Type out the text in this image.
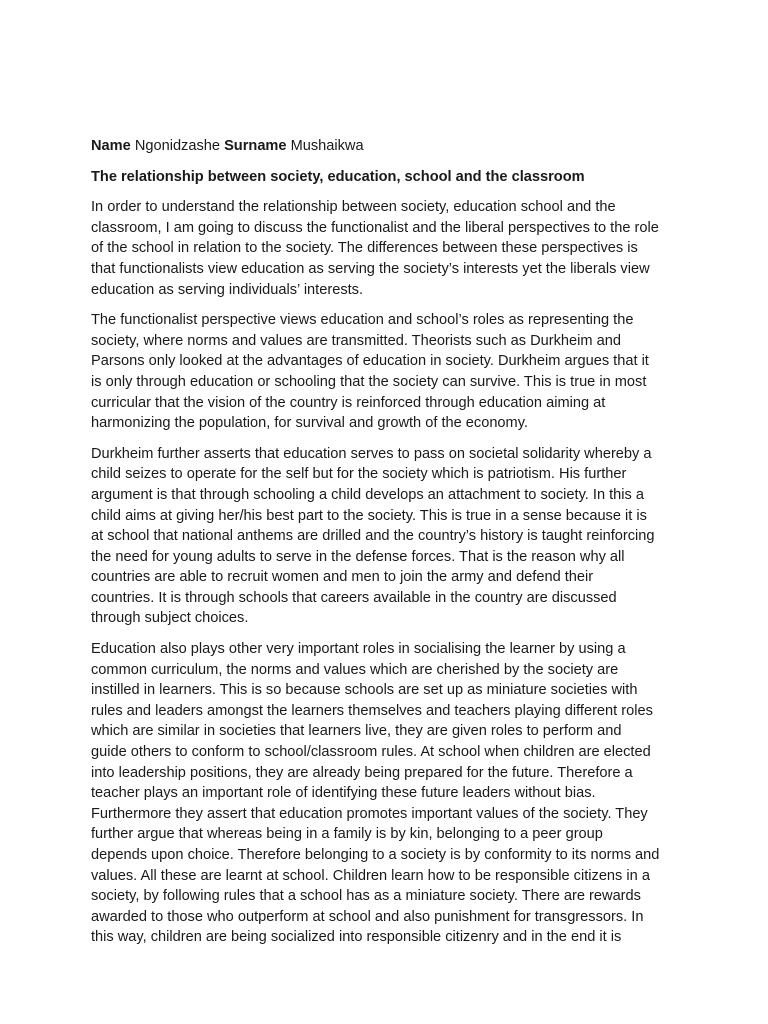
Name Ngonidzashe Surname Mushaikwa
The relationship between society, education, school and the classroom
In order to understand the relationship between society, education school and the
classroom, I am going to discuss the functionalist and the liberal perspectives to the role
of the school in relation to the society. The differences between these perspectives is
that functionalists view education as serving the society’s interests yet the liberals view
education as serving individuals’ interests.
The functionalist perspective views education and school’s roles as representing the
society, where norms and values are transmitted. Theorists such as Durkheim and
Parsons only looked at the advantages of education in society. Durkheim argues that it
is only through education or schooling that the society can survive. This is true in most
curricular that the vision of the country is reinforced through education aiming at
harmonizing the population, for survival and growth of the economy.
Durkheim further asserts that education serves to pass on societal solidarity whereby a
child seizes to operate for the self but for the society which is patriotism. His further
argument is that through schooling a child develops an attachment to society. In this a
child aims at giving her/his best part to the society. This is true in a sense because it is
at school that national anthems are drilled and the country’s history is taught reinforcing
the need for young adults to serve in the defense forces. That is the reason why all
countries are able to recruit women and men to join the army and defend their
countries. It is through schools that careers available in the country are discussed
through subject choices.
Education also plays other very important roles in socialising the learner by using a
common curriculum, the norms and values which are cherished by the society are
instilled in learners. This is so because schools are set up as miniature societies with
rules and leaders amongst the learners themselves and teachers playing different roles
which are similar in societies that learners live, they are given roles to perform and
guide others to conform to school/classroom rules. At school when children are elected
into leadership positions, they are already being prepared for the future. Therefore a
teacher plays an important role of identifying these future leaders without bias.
Furthermore they assert that education promotes important values of the society. They
further argue that whereas being in a family is by kin, belonging to a peer group
depends upon choice. Therefore belonging to a society is by conformity to its norms and
values. All these are learnt at school. Children learn how to be responsible citizens in a
society, by following rules that a school has as a miniature society. There are rewards
awarded to those who outperform at school and also punishment for transgressors. In
this way, children are being socialized into responsible citizenry and in the end it is
